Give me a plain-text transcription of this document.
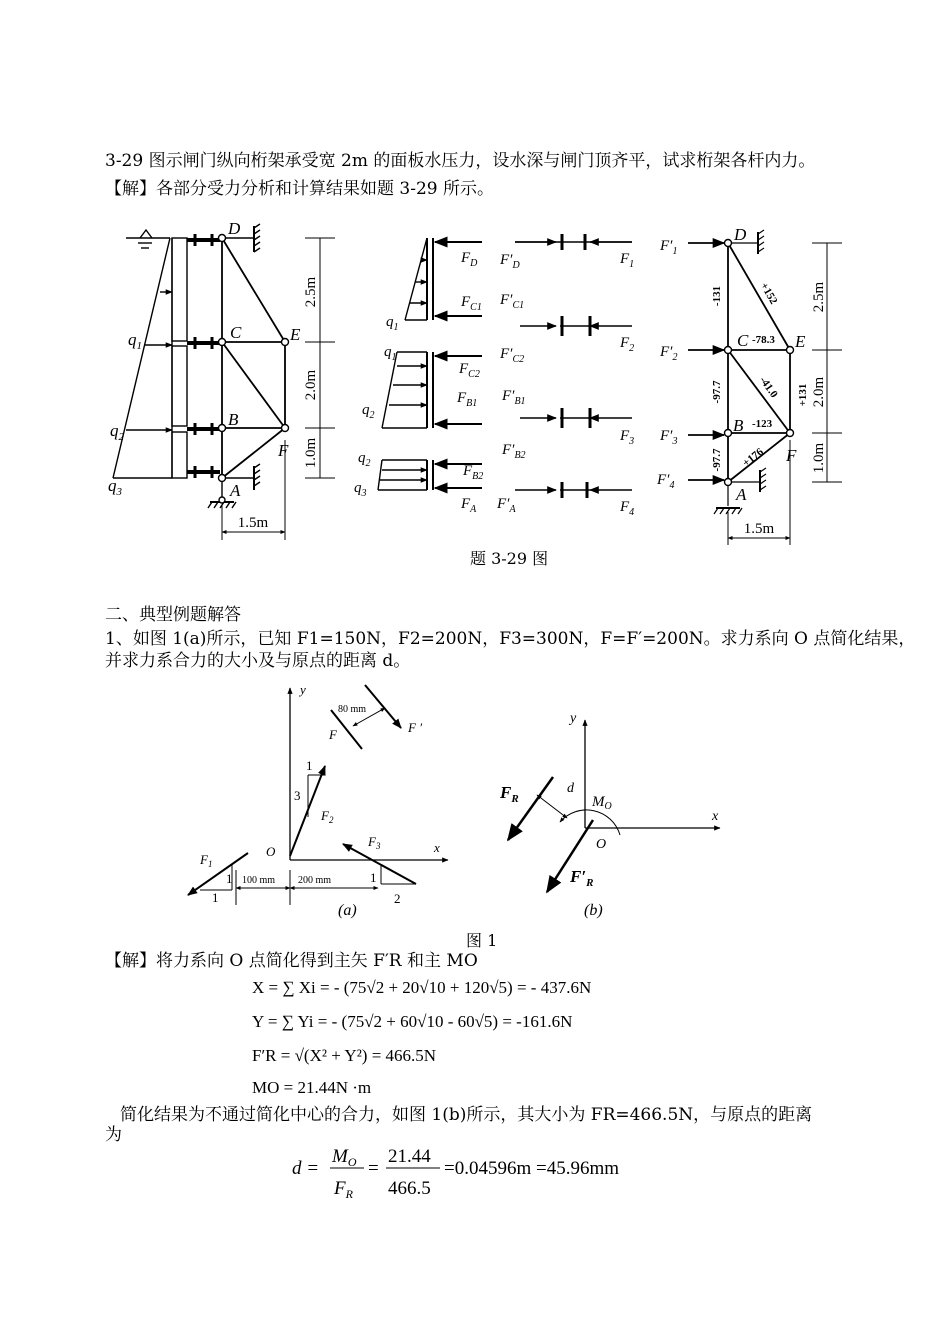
3-29 图示闸门纵向桁架承受宽 2m 的面板水压力，设水深与闸门顶齐平，试求桁架各杆内力。
【解】各部分受力分析和计算结果如题 3-29 所示。
D
C	E
B
F
A
$q_1$
$q_2$
$q_3$
2.5m
2.0m
1.0m
1.5m
$F_D$
$F_{C1}$
$F_{C2}$
$F_{B1}$
$F_{B2}$
$F_A$
$F'_D$
$F'_{C1}$
$F'_{C2}$
$F'_{B1}$
$F'_{B2}$
$F'_A$
$F_1$
$F_2$
$F_3$
$F_4$
$q_1$
$q_1$
$q_2$
$q_2$
$q_3$
$F'_1$
$F'_2$
$F'_3$
$F'_4$
D
C	E
B
F
A
-131	+152
-78.3
-97.7	-41.0 +131
-123
-97.7 +176
2.5m
2.0m
1.0m
1.5m
题 3-29 图
二、典型例题解答
1、如图 1(a)所示，已知 F1=150N，F2=200N，F3=300N，F=F′=200N。求力系向 O 点简化结果，
并求力系合力的大小及与原点的距离 d。
y
x
O
80 mm
F	F ′
1
3
$F_2$
$F_1$
1
1
$F_3$
1
2
100 mm 200 mm
(a)
y
x
O
d
$M_O$
$F_R$
$F'_R$
(b)
图 1
【解】将力系向 O 点简化得到主矢 F′R 和主 MO
X = ∑ Xi = - (75√2 + 20√10 + 120√5) = - 437.6N
Y = ∑ Yi = - (75√2 + 60√10 - 60√5) = -161.6N
F′R = √(X² + Y²) = 466.5N
MO = 21.44N ·m
简化结果为不通过简化中心的合力，如图 1(b)所示，其大小为 FR=466.5N，与原点的距离
为
d =
$M_O$
$F_R$
=
21.44
466.5
=0.04596m =45.96mm
